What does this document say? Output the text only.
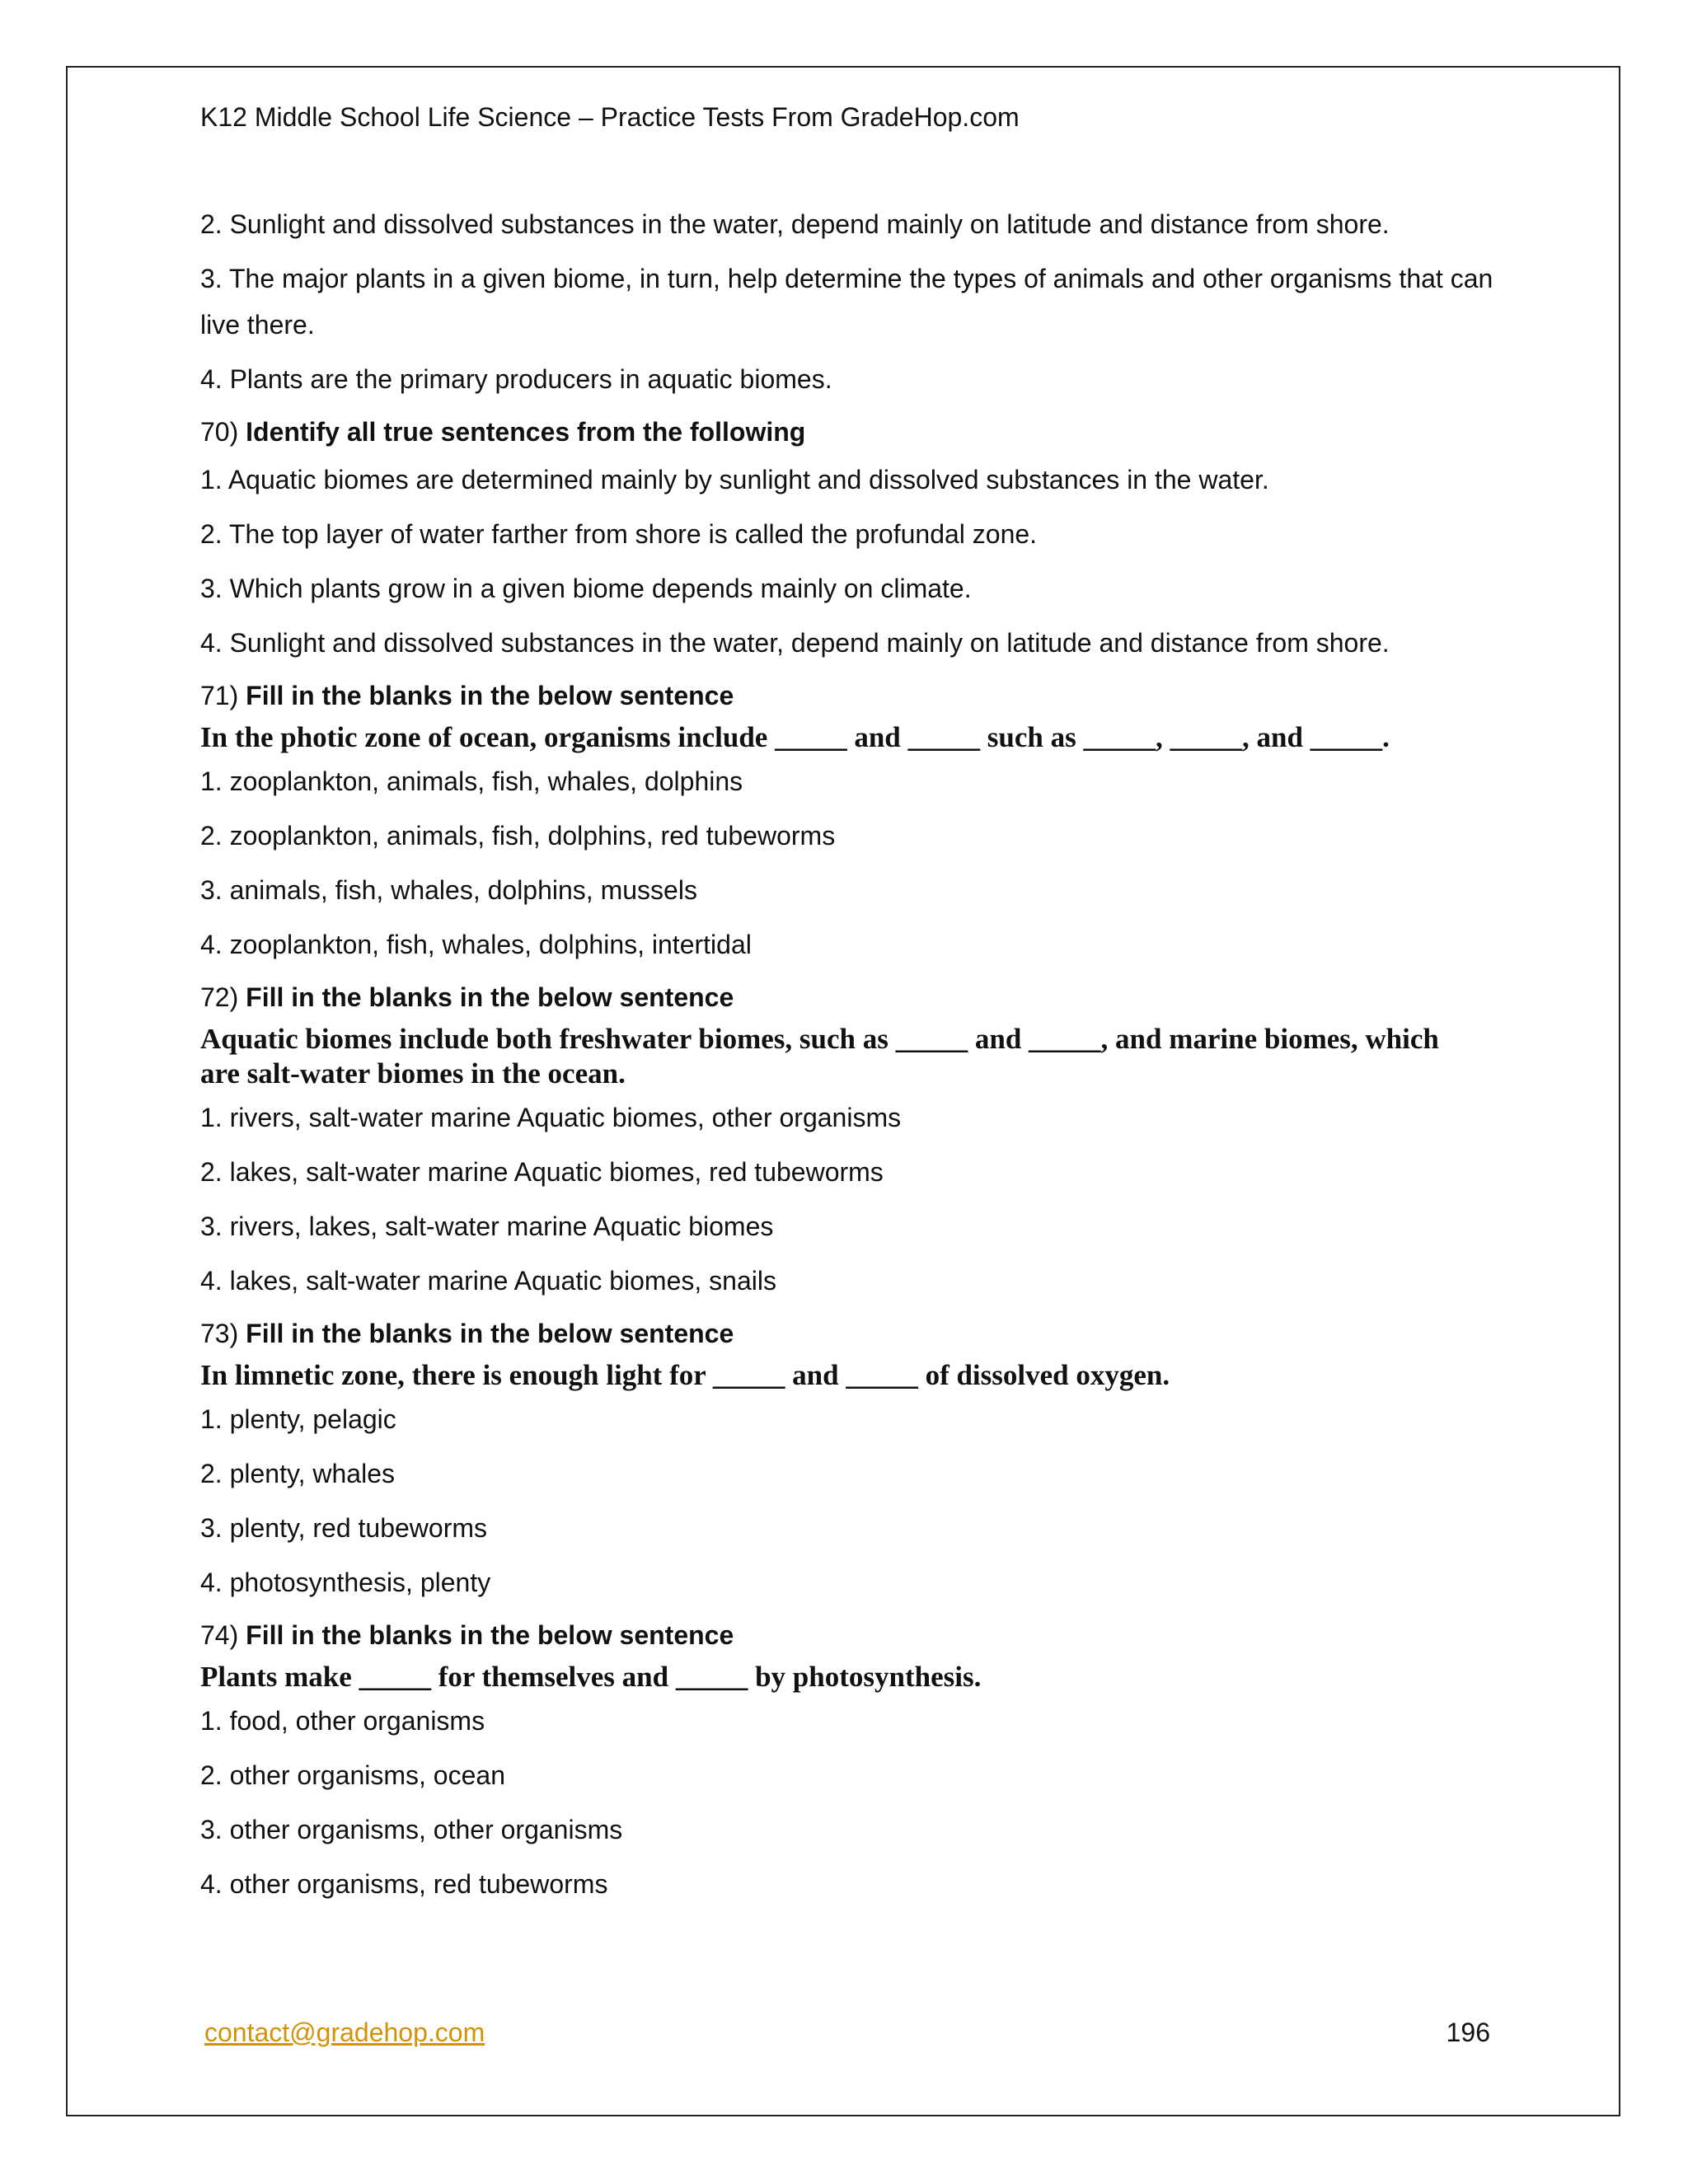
K12 Middle School Life Science – Practice Tests From GradeHop.com
2. Sunlight and dissolved substances in the water, depend mainly on latitude and distance from shore.
3. The major plants in a given biome, in turn, help determine the types of animals and other organisms that can live there.
4. Plants are the primary producers in aquatic biomes.
70) Identify all true sentences from the following
1. Aquatic biomes are determined mainly by sunlight and dissolved substances in the water.
2. The top layer of water farther from shore is called the profundal zone.
3. Which plants grow in a given biome depends mainly on climate.
4. Sunlight and dissolved substances in the water, depend mainly on latitude and distance from shore.
71) Fill in the blanks in the below sentence
In the photic zone of ocean, organisms include _____ and _____ such as _____, _____, and _____.
1. zooplankton, animals, fish, whales, dolphins
2. zooplankton, animals, fish, dolphins, red tubeworms
3. animals, fish, whales, dolphins, mussels
4. zooplankton, fish, whales, dolphins, intertidal
72) Fill in the blanks in the below sentence
Aquatic biomes include both freshwater biomes, such as _____ and _____, and marine biomes, which are salt-water biomes in the ocean.
1. rivers, salt-water marine Aquatic biomes, other organisms
2. lakes, salt-water marine Aquatic biomes, red tubeworms
3. rivers, lakes, salt-water marine Aquatic biomes
4. lakes, salt-water marine Aquatic biomes, snails
73) Fill in the blanks in the below sentence
In limnetic zone, there is enough light for _____ and _____ of dissolved oxygen.
1. plenty, pelagic
2. plenty, whales
3. plenty, red tubeworms
4. photosynthesis, plenty
74) Fill in the blanks in the below sentence
Plants make _____ for themselves and _____ by photosynthesis.
1. food, other organisms
2. other organisms, ocean
3. other organisms, other organisms
4. other organisms, red tubeworms
contact@gradehop.com	196
